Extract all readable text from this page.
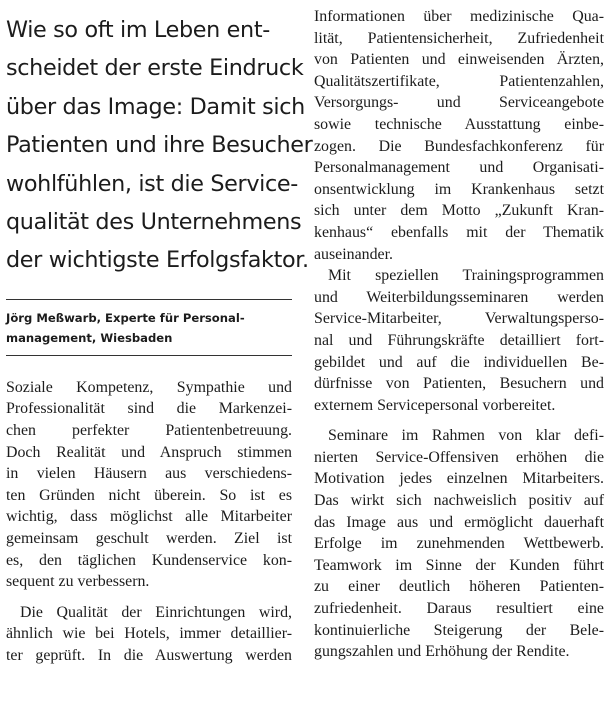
Wie so oft im Leben ent-
scheidet der erste Eindruck
über das Image: Damit sich
Patienten und ihre Besucher
wohlfühlen, ist die Service-
qualität des Unternehmens
der wichtigste Erfolgsfaktor.
Jörg Meßwarb, Experte für Personal-
management, Wiesbaden
Soziale Kompetenz, Sympathie und
Professionalität sind die Markenzei-
chen perfekter Patientenbetreuung.
Doch Realität und Anspruch stimmen
in vielen Häusern aus verschiedens-
ten Gründen nicht überein. So ist es
wichtig, dass möglichst alle Mitarbeiter
gemeinsam geschult werden. Ziel ist
es, den täglichen Kundenservice kon-
sequent zu verbessern.
Die Qualität der Einrichtungen wird,
ähnlich wie bei Hotels, immer detaillier-
ter geprüft. In die Auswertung werden
Informationen über medizinische Qua-
lität, Patientensicherheit, Zufriedenheit
von Patienten und einweisenden Ärzten,
Qualitätszertifikate, Patientenzahlen,
Versorgungs- und Serviceangebote
sowie technische Ausstattung einbe-
zogen. Die Bundesfachkonferenz für
Personalmanagement und Organisati-
onsentwicklung im Krankenhaus setzt
sich unter dem Motto „Zukunft Kran-
kenhaus“ ebenfalls mit der Thematik
auseinander.
Mit speziellen Trainingsprogrammen
und Weiterbildungsseminaren werden
Service-Mitarbeiter, Verwaltungsperso-
nal und Führungskräfte detailliert fort-
gebildet und auf die individuellen Be-
dürfnisse von Patienten, Besuchern und
externem Servicepersonal vorbereitet.
Seminare im Rahmen von klar defi-
nierten Service-Offensiven erhöhen die
Motivation jedes einzelnen Mitarbeiters.
Das wirkt sich nachweislich positiv auf
das Image aus und ermöglicht dauerhaft
Erfolge im zunehmenden Wettbewerb.
Teamwork im Sinne der Kunden führt
zu einer deutlich höheren Patienten-
zufriedenheit. Daraus resultiert eine
kontinuierliche Steigerung der Bele-
gungszahlen und Erhöhung der Rendite.
